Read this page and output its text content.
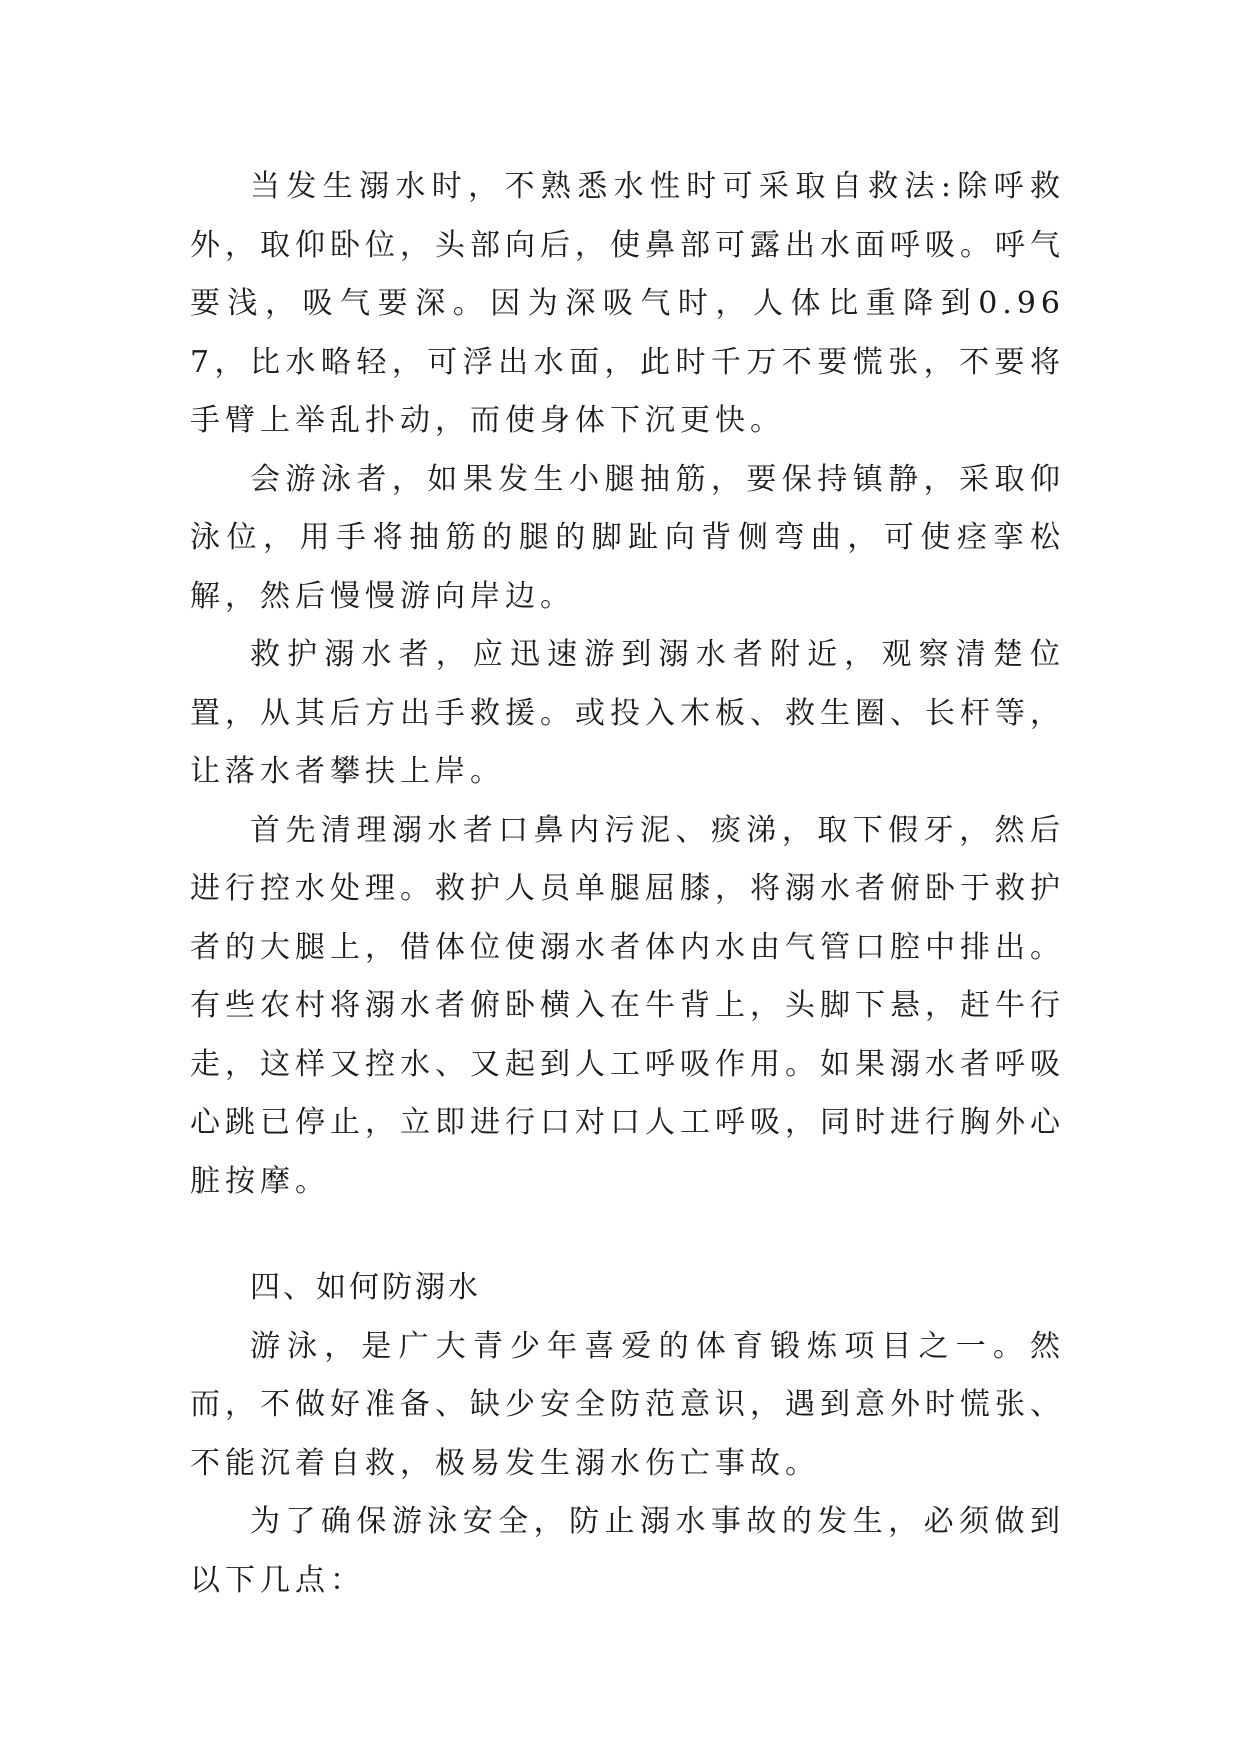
当发生溺水时，不熟悉水性时可采取自救法:除呼救外，取仰卧位，头部向后，使鼻部可露出水面呼吸。呼气要浅，吸气要深。因为深吸气时，人体比重降到0.967，比水略轻，可浮出水面，此时千万不要慌张，不要将手臂上举乱扑动，而使身体下沉更快。

会游泳者，如果发生小腿抽筋，要保持镇静，采取仰泳位，用手将抽筋的腿的脚趾向背侧弯曲，可使痉挛松解，然后慢慢游向岸边。

救护溺水者，应迅速游到溺水者附近，观察清楚位置，从其后方出手救援。或投入木板、救生圈、长杆等，让落水者攀扶上岸。

首先清理溺水者口鼻内污泥、痰涕，取下假牙，然后进行控水处理。救护人员单腿屈膝，将溺水者俯卧于救护者的大腿上，借体位使溺水者体内水由气管口腔中排出。有些农村将溺水者俯卧横入在牛背上，头脚下悬，赶牛行走，这样又控水、又起到人工呼吸作用。如果溺水者呼吸心跳已停止，立即进行口对口人工呼吸，同时进行胸外心脏按摩。

四、如何防溺水

游泳，是广大青少年喜爱的体育锻炼项目之一。然而，不做好准备、缺少安全防范意识，遇到意外时慌张、不能沉着自救，极易发生溺水伤亡事故。

为了确保游泳安全，防止溺水事故的发生，必须做到以下几点：
